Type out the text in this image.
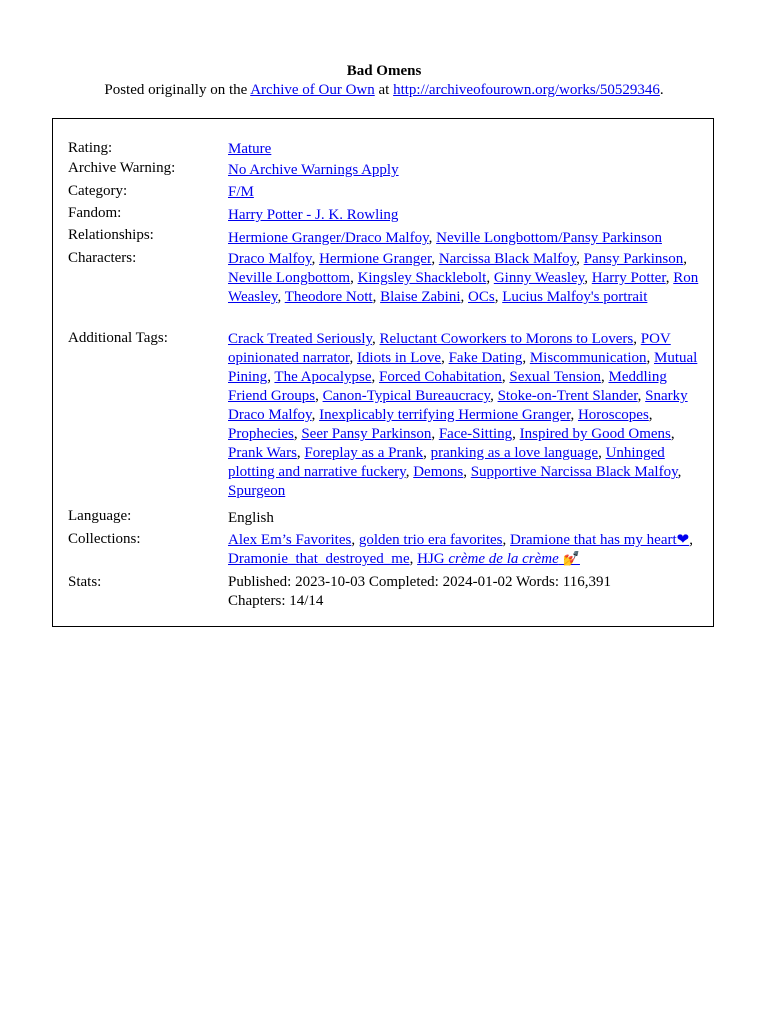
Bad Omens
Posted originally on the Archive of Our Own at http://archiveofourown.org/works/50529346.
Rating:	Mature
Archive Warning:	No Archive Warnings Apply
Category:	F/M
Fandom:	Harry Potter - J. K. Rowling
Relationships:	Hermione Granger/Draco Malfoy, Neville Longbottom/Pansy Parkinson
Characters:	Draco Malfoy, Hermione Granger, Narcissa Black Malfoy, Pansy Parkinson, Neville Longbottom, Kingsley Shacklebolt, Ginny Weasley, Harry Potter, Ron Weasley, Theodore Nott, Blaise Zabini, OCs, Lucius Malfoy's portrait
Additional Tags:	Crack Treated Seriously, Reluctant Coworkers to Morons to Lovers, POV opinionated narrator, Idiots in Love, Fake Dating, Miscommunication, Mutual Pining, The Apocalypse, Forced Cohabitation, Sexual Tension, Meddling Friend Groups, Canon-Typical Bureaucracy, Stoke-on-Trent Slander, Snarky Draco Malfoy, Inexplicably terrifying Hermione Granger, Horoscopes, Prophecies, Seer Pansy Parkinson, Face-Sitting, Inspired by Good Omens, Prank Wars, Foreplay as a Prank, pranking as a love language, Unhinged plotting and narrative fuckery, Demons, Supportive Narcissa Black Malfoy, Spurgeon
Language:	English
Collections:	Alex Em’s Favorites, golden trio era favorites, Dramione that has my heart❤, Dramonie_that_destroyed_me, HJG crème de la crème 💅
Stats:	Published: 2023-10-03 Completed: 2024-01-02 Words: 116,391
Chapters: 14/14
